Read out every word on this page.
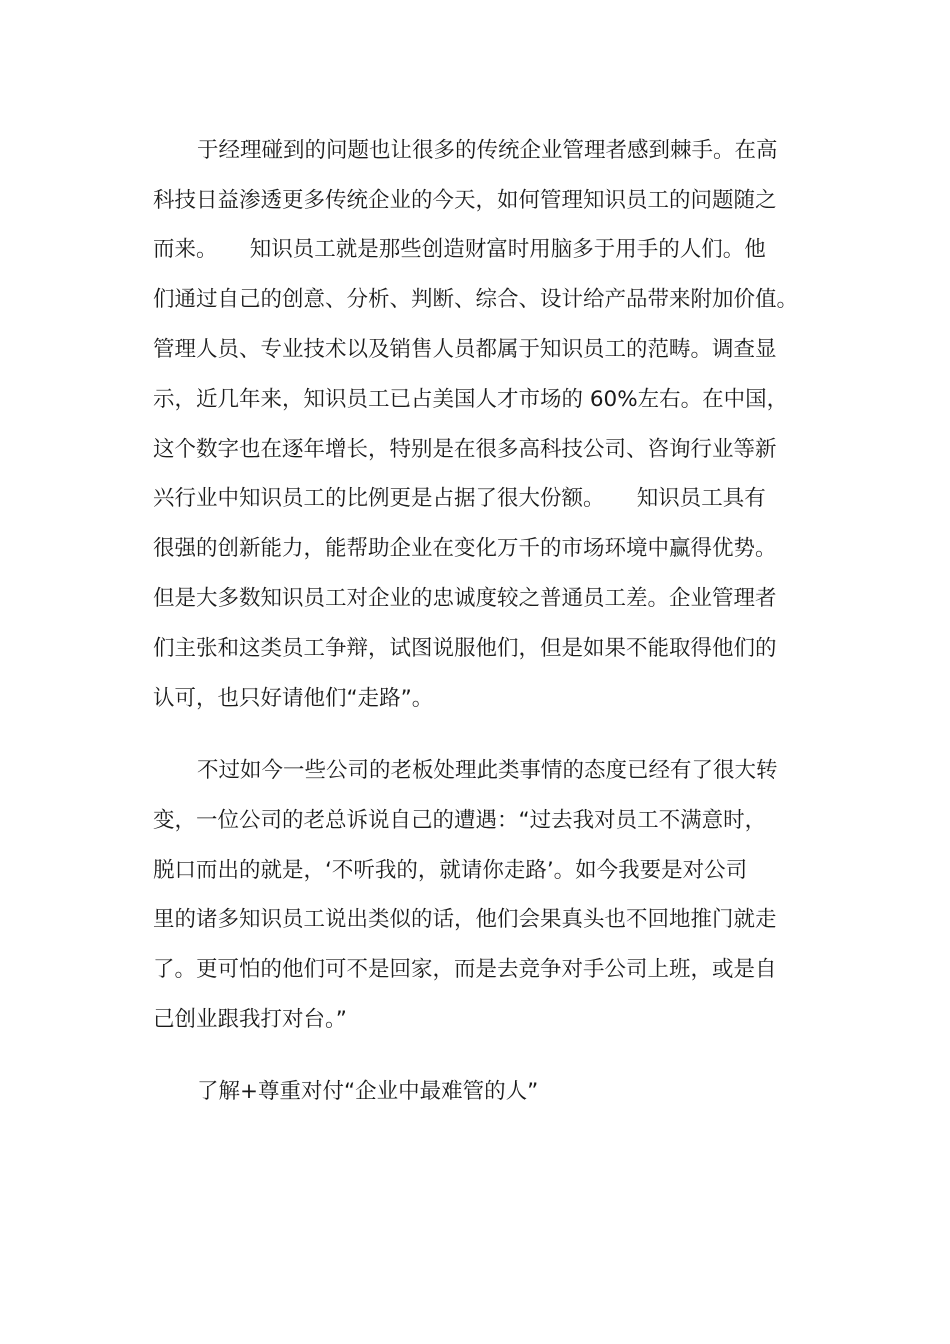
于经理碰到的问题也让很多的传统企业管理者感到棘手。在高

科技日益渗透更多传统企业的今天，如何管理知识员工的问题随之

而来。　　知识员工就是那些创造财富时用脑多于用手的人们。他

们通过自己的创意、分析、判断、综合、设计给产品带来附加价值。

管理人员、专业技术以及销售人员都属于知识员工的范畴。调查显

示，近几年来，知识员工已占美国人才市场的 60%左右。在中国，

这个数字也在逐年增长，特别是在很多高科技公司、咨询行业等新

兴行业中知识员工的比例更是占据了很大份额。　　知识员工具有

很强的创新能力，能帮助企业在变化万千的市场环境中赢得优势。

但是大多数知识员工对企业的忠诚度较之普通员工差。企业管理者

们主张和这类员工争辩，试图说服他们，但是如果不能取得他们的

认可，也只好请他们“走路”。

不过如今一些公司的老板处理此类事情的态度已经有了很大转

变，一位公司的老总诉说自己的遭遇：“过去我对员工不满意时，

脱口而出的就是，‘不听我的，就请你走路’。如今我要是对公司

里的诸多知识员工说出类似的话，他们会果真头也不回地推门就走

了。更可怕的他们可不是回家，而是去竞争对手公司上班，或是自

己创业跟我打对台。”

了解+尊重对付“企业中最难管的人”
